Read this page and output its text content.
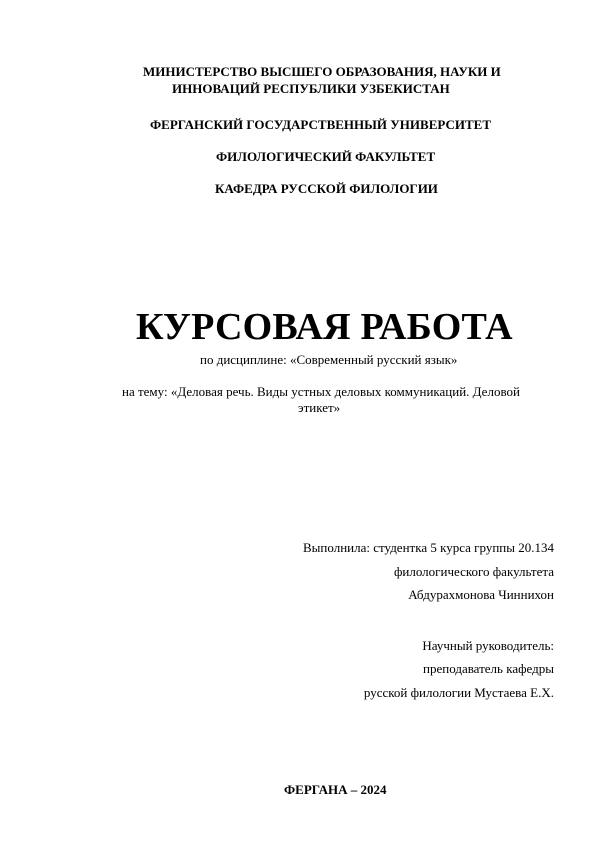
МИНИСТЕРСТВО ВЫСШЕГО ОБРАЗОВАНИЯ, НАУКИ И
ИННОВАЦИЙ РЕСПУБЛИКИ УЗБЕКИСТАН
ФЕРГАНСКИЙ ГОСУДАРСТВЕННЫЙ УНИВЕРСИТЕТ
ФИЛОЛОГИЧЕСКИЙ ФАКУЛЬТЕТ
КАФЕДРА РУССКОЙ ФИЛОЛОГИИ
КУРСОВАЯ РАБОТА
по дисциплине: «Современный русский язык»
на тему: «Деловая речь. Виды устных деловых коммуникаций. Деловой
этикет»
Выполнила: студентка 5 курса группы 20.134
филологического факультета
Абдурахмонова Чиннихон
Научный руководитель:
преподаватель кафедры
русской филологии Мустаева Е.Х.
ФЕРГАНА – 2024
